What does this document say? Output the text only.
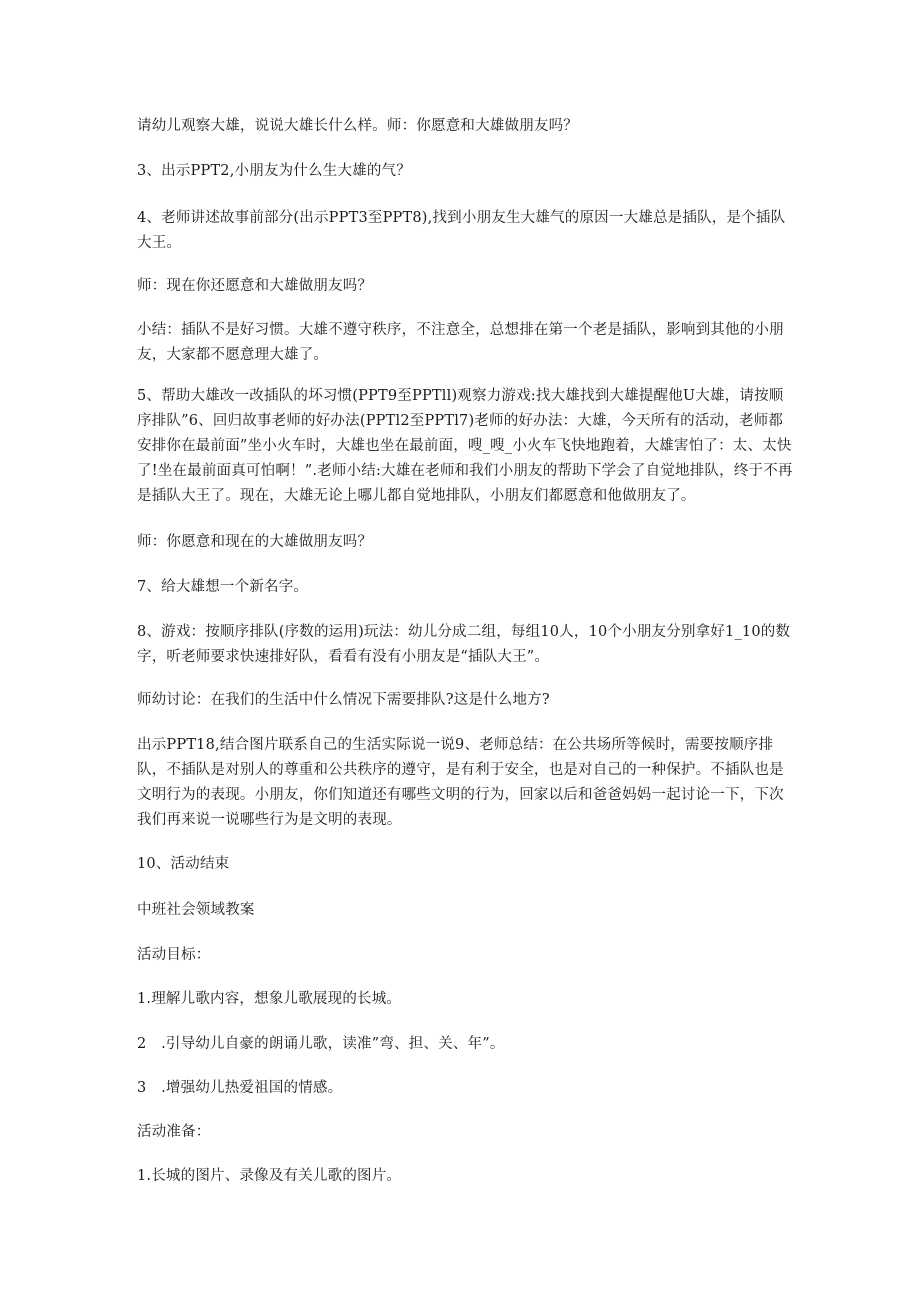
请幼儿观察大雄，说说大雄长什么样。师：你愿意和大雄做朋友吗？

3、出示PPT2,小朋友为什么生大雄的气？

4、老师讲述故事前部分(出示PPT3至PPT8),找到小朋友生大雄气的原因一大雄总是插队，是个插队大王。

师：现在你还愿意和大雄做朋友吗？

小结：插队不是好习惯。大雄不遵守秩序，不注意全，总想排在第一个老是插队，影响到其他的小朋友，大家都不愿意理大雄了。

5、帮助大雄改一改插队的坏习惯(PPT9至PPTll)观察力游戏:找大雄找到大雄提醒他U大雄，请按顺序排队”6、回归故事老师的好办法(PPTl2至PPTl7)老师的好办法：大雄，今天所有的活动，老师都安排你在最前面”坐小火车时，大雄也坐在最前面，嗖_嗖_小火车飞快地跑着，大雄害怕了：太、太快了!坐在最前面真可怕啊！”.老师小结:大雄在老师和我们小朋友的帮助下学会了自觉地排队，终于不再是插队大王了。现在，大雄无论上哪儿都自觉地排队，小朋友们都愿意和他做朋友了。

师：你愿意和现在的大雄做朋友吗？

7、给大雄想一个新名字。

8、游戏：按顺序排队(序数的运用)玩法：幼儿分成二组，每组10人，10个小朋友分别拿好1_10的数字，听老师要求快速排好队，看看有没有小朋友是“插队大王”。

师幼讨论：在我们的生活中什么情况下需要排队?这是什么地方?

出示PPT18,结合图片联系自己的生活实际说一说9、老师总结：在公共场所等候时，需要按顺序排队，不插队是对别人的尊重和公共秩序的遵守，是有利于安全，也是对自己的一种保护。不插队也是文明行为的表现。小朋友，你们知道还有哪些文明的行为，回家以后和爸爸妈妈一起讨论一下，下次我们再来说一说哪些行为是文明的表现。

10、活动结束

中班社会领域教案

活动目标：

1.理解儿歌内容，想象儿歌展现的长城。

2　.引导幼儿自豪的朗诵儿歌，读准”弯、担、关、年”。

3　.增强幼儿热爱祖国的情感。

活动准备：

1.长城的图片、录像及有关儿歌的图片。
